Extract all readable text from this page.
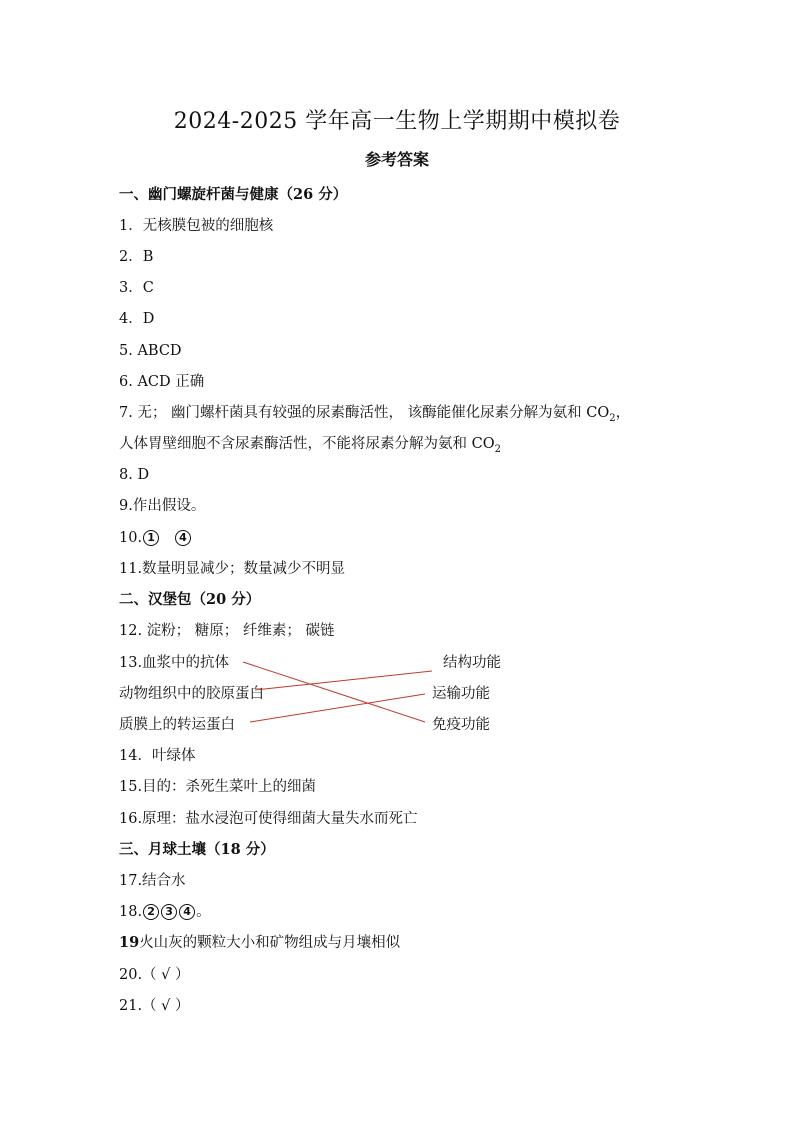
2024-2025 学年高一生物上学期期中模拟卷
参考答案
一、幽门螺旋杆菌与健康（26 分）
1．无核膜包被的细胞核
2．B
3．C
4．D
5. ABCD
6. ACD 正确
7. 无； 幽门螺杆菌具有较强的尿素酶活性， 该酶能催化尿素分解为氨和 $CO_2$，
人体胃壁细胞不含尿素酶活性，不能将尿素分解为氨和 $CO_2$
8. D
9.作出假设。
10. 1 4
11.数量明显减少；数量减少不明显
二、汉堡包（20 分）
12. 淀粉； 糖原； 纤维素； 碳链
13.血浆中的抗体
动物组织中的胶原蛋白
质膜上的转运蛋白
结构功能
运输功能
免疫功能
14．叶绿体
15.目的：杀死生菜叶上的细菌
16.原理：盐水浸泡可使得细菌大量失水而死亡
三、月球土壤（18 分）
17.结合水
18. 2 3 4 。
19火山灰的颗粒大小和矿物组成与月壤相似
20.（ √ ）
21.（ √ ）
